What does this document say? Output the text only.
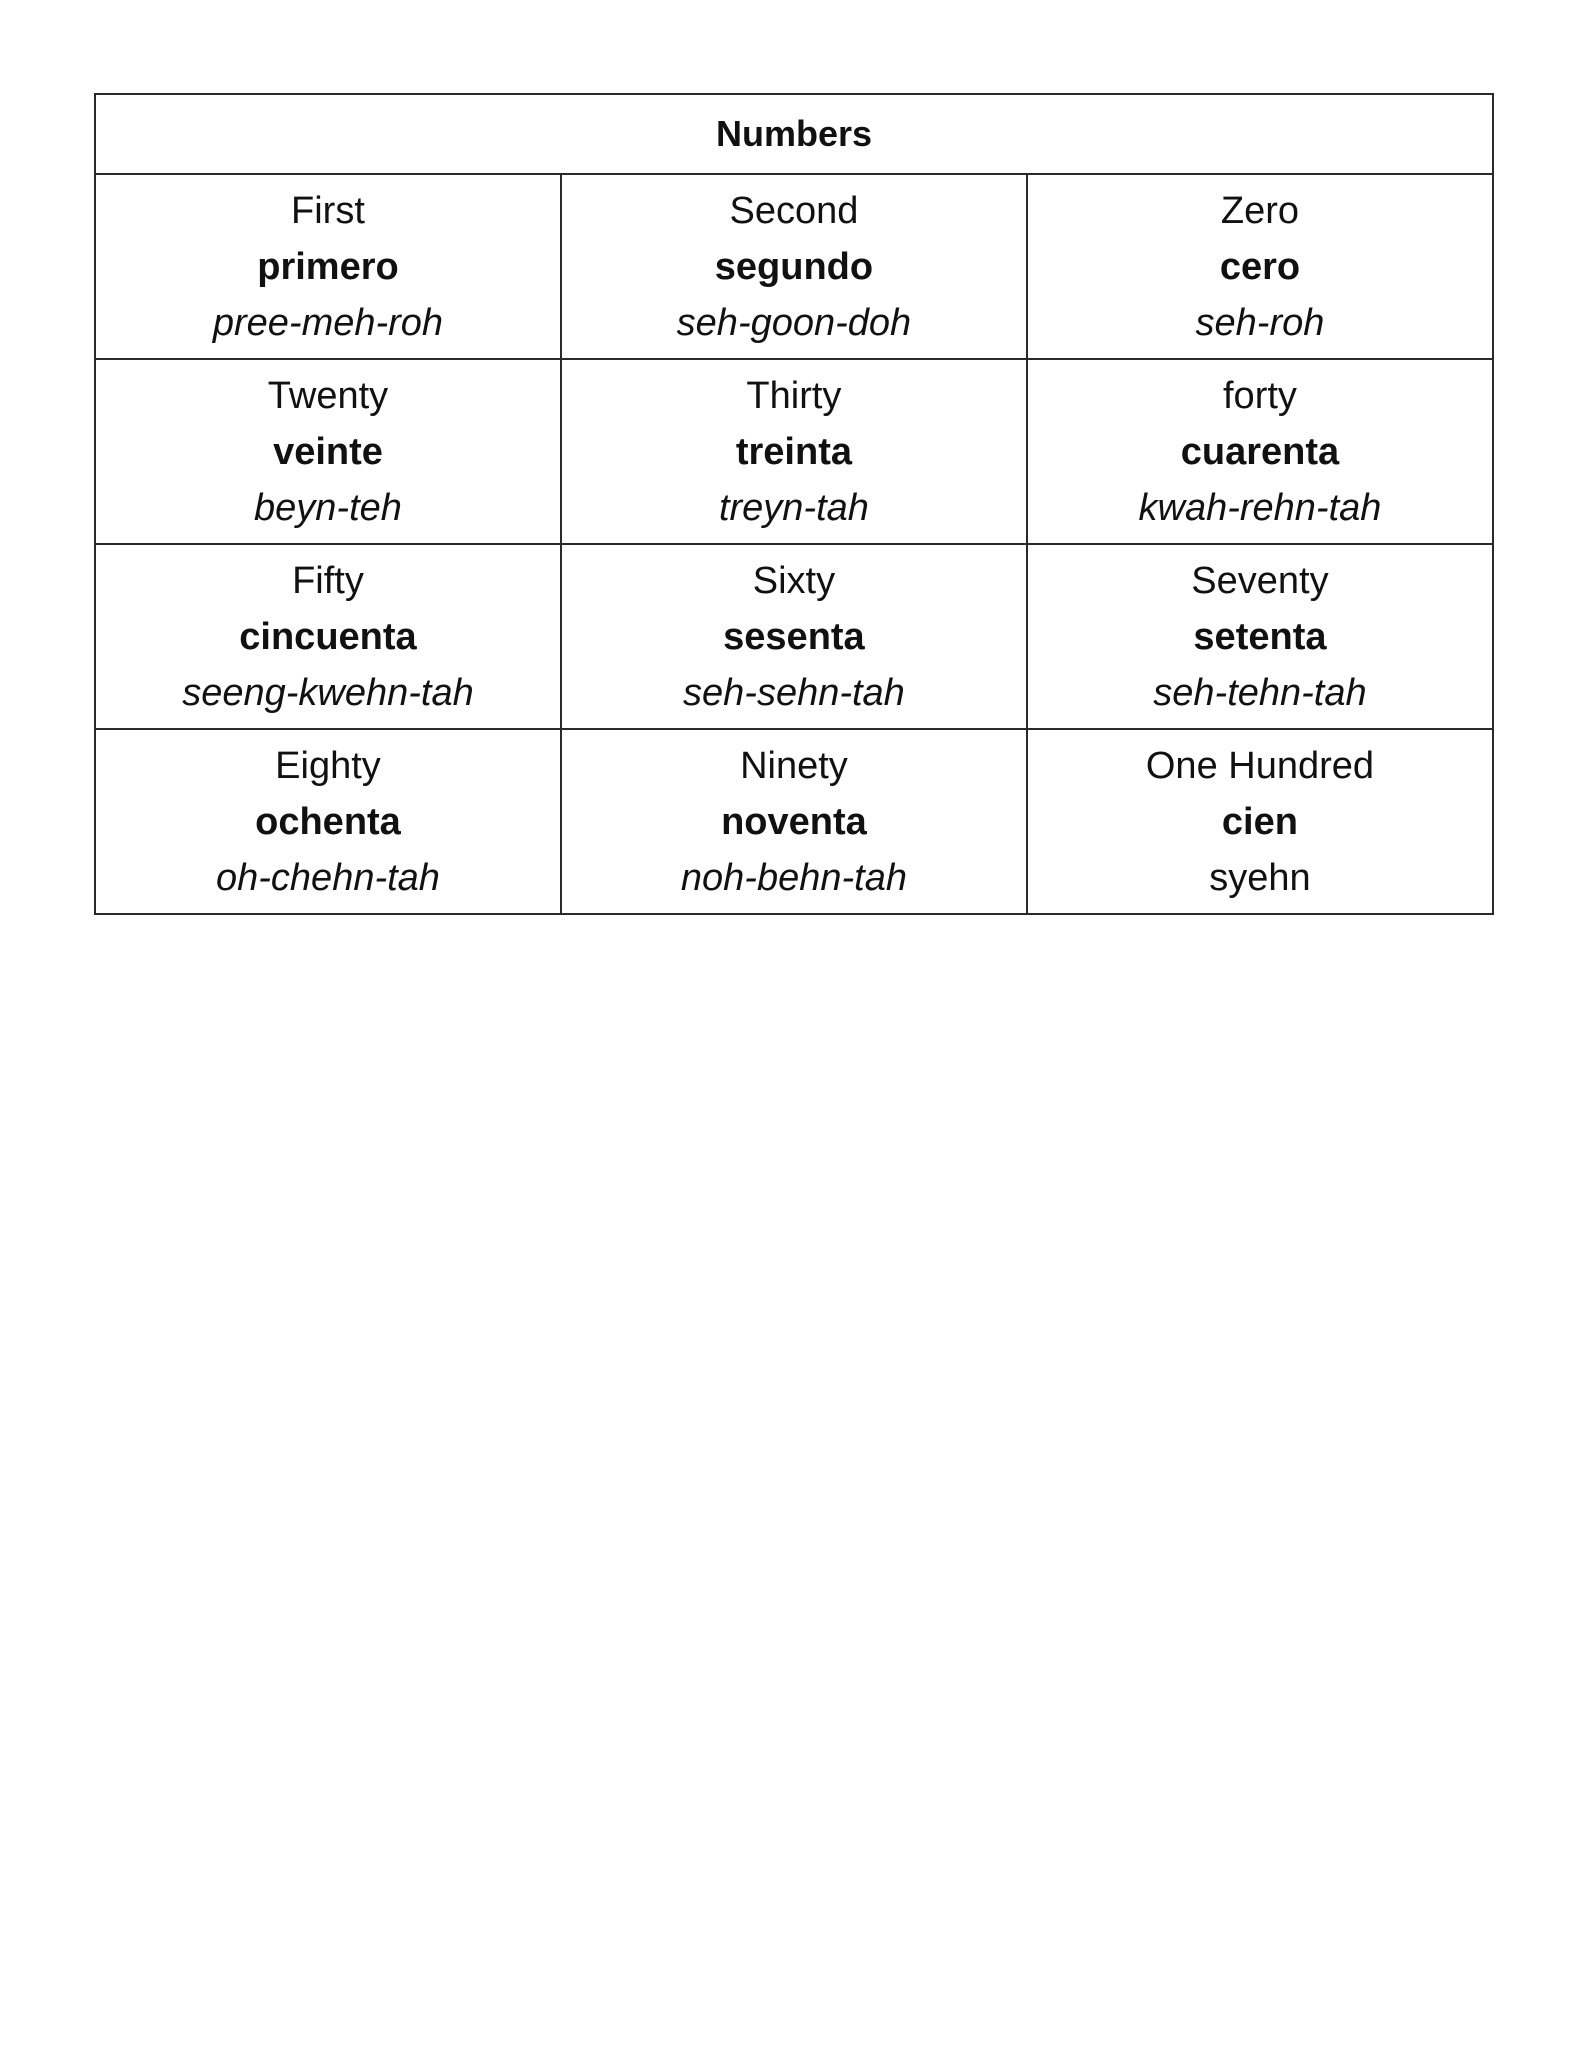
Numbers		

First
primero
pree-meh-roh	Second
segundo
seh-goon-doh	Zero
cero
seh-roh

Twenty
veinte
beyn-teh	Thirty
treinta
treyn-tah	forty
cuarenta
kwah-rehn-tah

Fifty
cincuenta
seeng-kwehn-tah	Sixty
sesenta
seh-sehn-tah	Seventy
setenta
seh-tehn-tah

Eighty
ochenta
oh-chehn-tah	Ninety
noventa
noh-behn-tah	One Hundred
cien
syehn
